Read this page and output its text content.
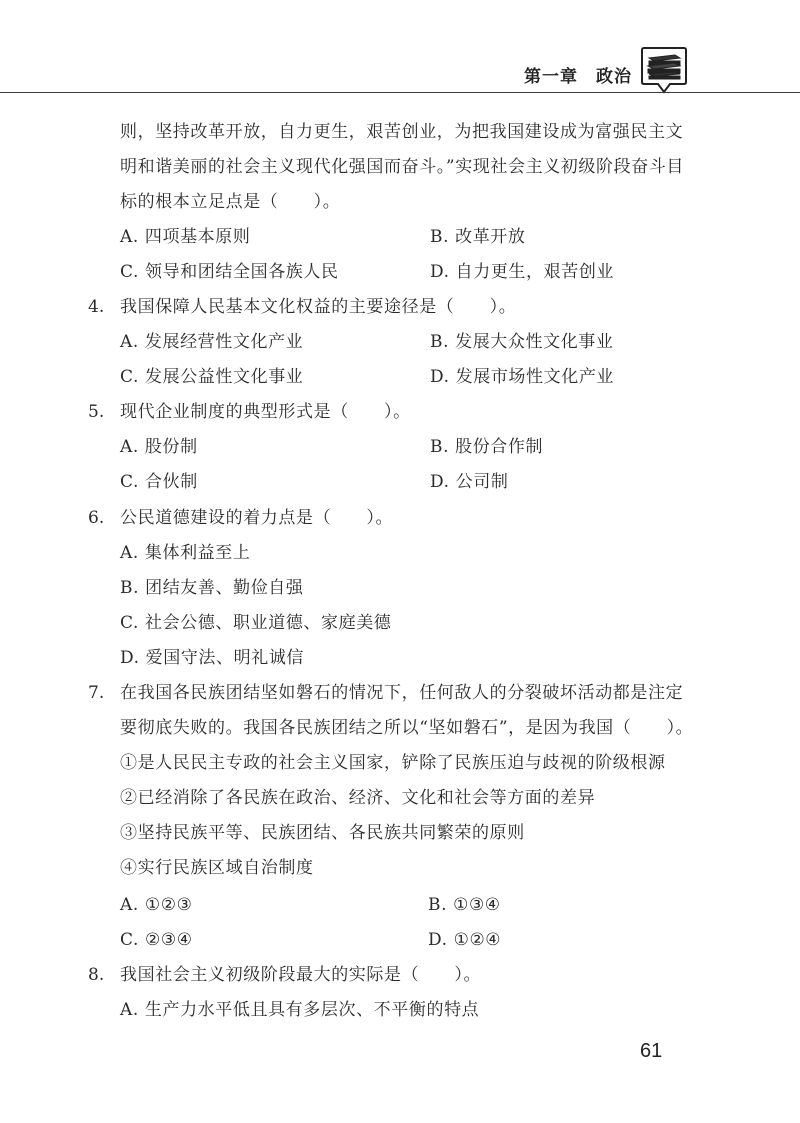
第一章　政治
则，坚持改革开放，自力更生，艰苦创业，为把我国建设成为富强民主文
明和谐美丽的社会主义现代化强国而奋斗。”实现社会主义初级阶段奋斗目
标的根本立足点是（　　）。
A. 四项基本原则	B. 改革开放
C. 领导和团结全国各族人民	D. 自力更生，艰苦创业
4. 我国保障人民基本文化权益的主要途径是（　　）。
A. 发展经营性文化产业	B. 发展大众性文化事业
C. 发展公益性文化事业	D. 发展市场性文化产业
5. 现代企业制度的典型形式是（　　）。
A. 股份制	B. 股份合作制
C. 合伙制	D. 公司制
6. 公民道德建设的着力点是（　　）。
A. 集体利益至上
B. 团结友善、勤俭自强
C. 社会公德、职业道德、家庭美德
D. 爱国守法、明礼诚信
7. 在我国各民族团结坚如磐石的情况下，任何敌人的分裂破坏活动都是注定
要彻底失败的。我国各民族团结之所以“坚如磐石”，是因为我国（　　）。
①是人民民主专政的社会主义国家，铲除了民族压迫与歧视的阶级根源
②已经消除了各民族在政治、经济、文化和社会等方面的差异
③坚持民族平等、民族团结、各民族共同繁荣的原则
④实行民族区域自治制度
A. ①②③	B. ①③④
C. ②③④	D. ①②④
8. 我国社会主义初级阶段最大的实际是（　　）。
A. 生产力水平低且具有多层次、不平衡的特点
61
